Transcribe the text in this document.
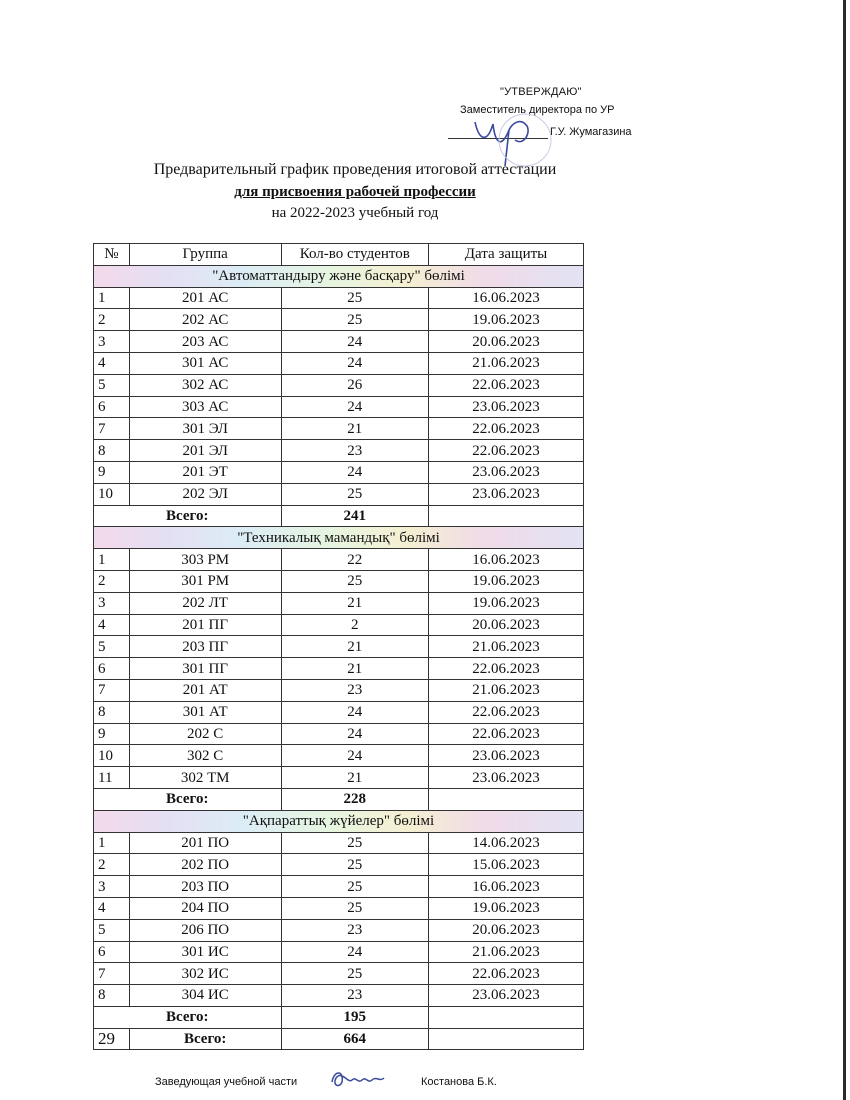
"УТВЕРЖДАЮ"
Заместитель директора по УР
Г.У. Жумагазина
Предварительный график проведения итоговой аттестации
для присвоения рабочей профессии
на 2022-2023 учебный год
№	Группа	Кол-во студентов	Дата защиты
"Автоматтандыру және басқару" бөлімі			
1	201 АС	25	16.06.2023
2	202 АС	25	19.06.2023
3	203 АС	24	20.06.2023
4	301 АС	24	21.06.2023
5	302 АС	26	22.06.2023
6	303 АС	24	23.06.2023
7	301 ЭЛ	21	22.06.2023
8	201 ЭЛ	23	22.06.2023
9	201 ЭТ	24	23.06.2023
10	202 ЭЛ	25	23.06.2023
Всего:		241	
"Техникалық мамандық" бөлімі			
1	303 РМ	22	16.06.2023
2	301 РМ	25	19.06.2023
3	202 ЛТ	21	19.06.2023
4	201 ПГ	2	20.06.2023
5	203 ПГ	21	21.06.2023
6	301 ПГ	21	22.06.2023
7	201 АТ	23	21.06.2023
8	301 АТ	24	22.06.2023
9	202 С	24	22.06.2023
10	302 С	24	23.06.2023
11	302 ТМ	21	23.06.2023
Всего:		228	
"Ақпараттық жүйелер" бөлімі			
1	201 ПО	25	14.06.2023
2	202 ПО	25	15.06.2023
3	203 ПО	25	16.06.2023
4	204 ПО	25	19.06.2023
5	206 ПО	23	20.06.2023
6	301 ИС	24	21.06.2023
7	302 ИС	25	22.06.2023
8	304 ИС	23	23.06.2023
Всего:		195	
29	Всего:	664	
Заведующая учебной части	Костанова Б.К.
